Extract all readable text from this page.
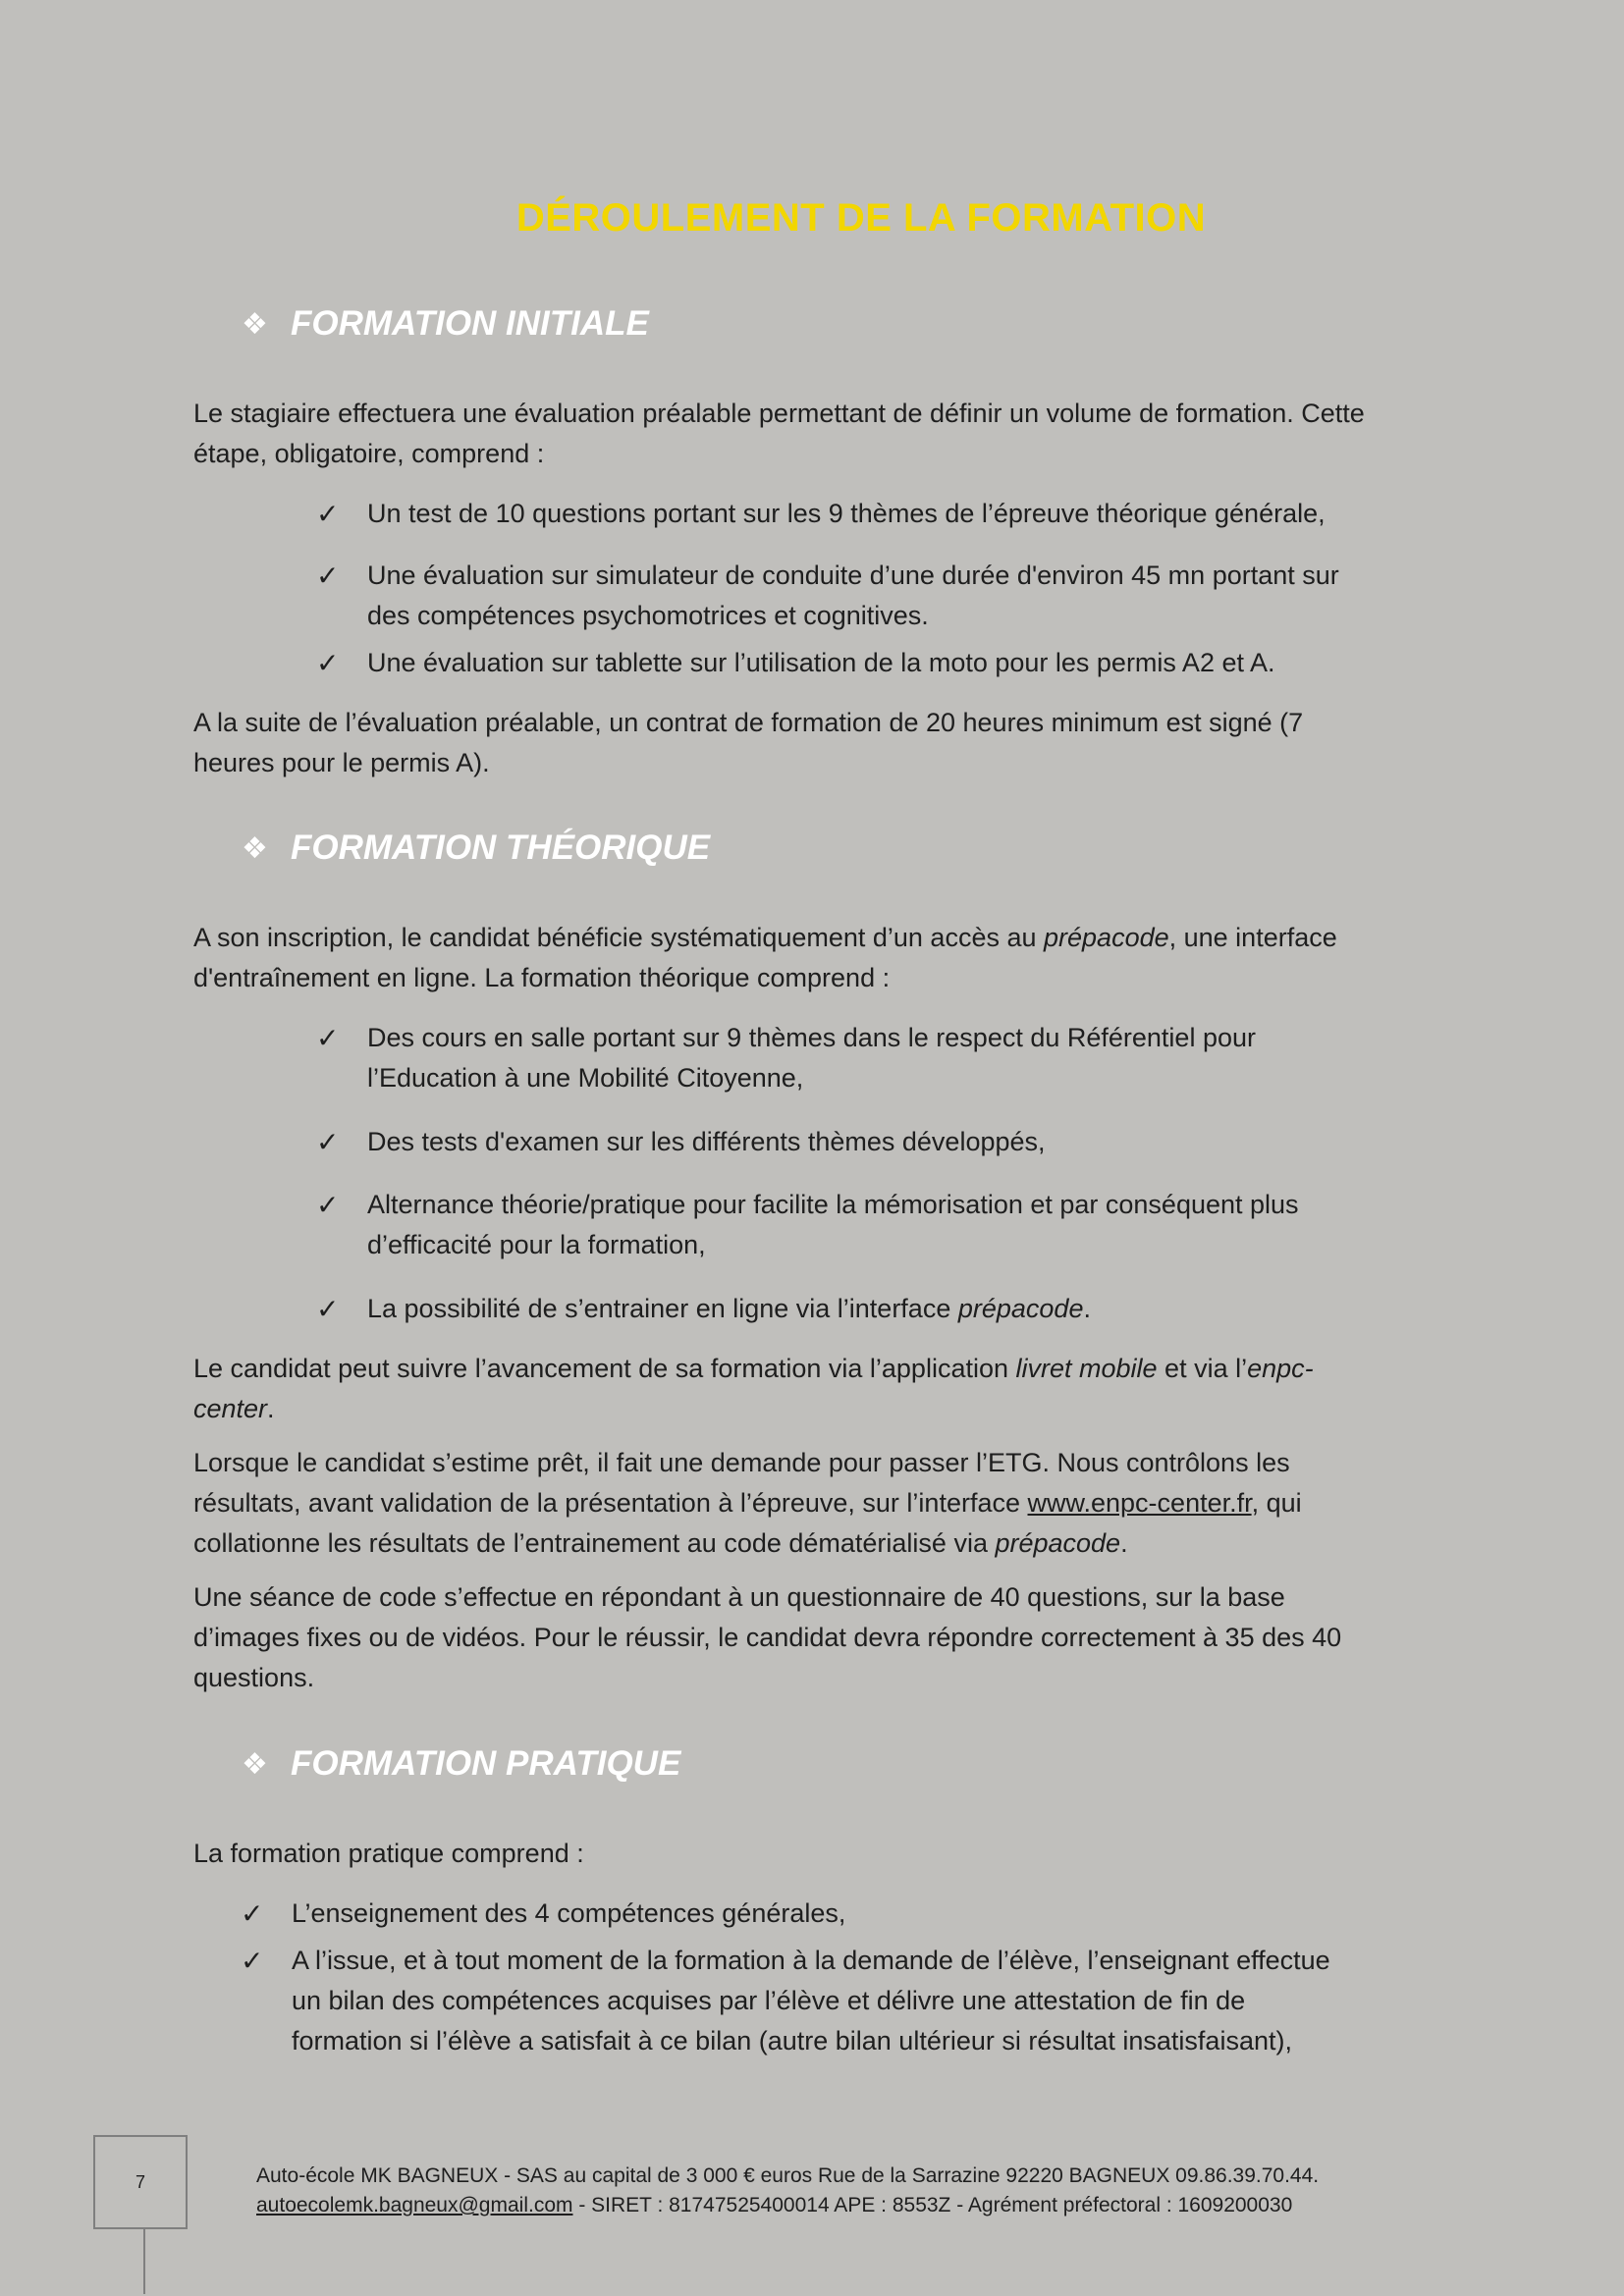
DÉROULEMENT DE LA FORMATION
❖ FORMATION INITIALE
Le stagiaire effectuera une évaluation préalable permettant de définir un volume de formation. Cette
étape, obligatoire, comprend :
✓ Un test de 10 questions portant sur les 9 thèmes de l’épreuve théorique générale,
✓ Une évaluation sur simulateur de conduite d’une durée d'environ 45 mn portant sur
des compétences psychomotrices et cognitives.
✓ Une évaluation sur tablette sur l’utilisation de la moto pour les permis A2 et A.
A la suite de l’évaluation préalable, un contrat de formation de 20 heures minimum est signé (7
heures pour le permis A).
❖ FORMATION THÉORIQUE
A son inscription, le candidat bénéficie systématiquement d’un accès au prépacode, une interface
d'entraînement en ligne. La formation théorique comprend :
✓ Des cours en salle portant sur 9 thèmes dans le respect du Référentiel pour
l’Education à une Mobilité Citoyenne,
✓ Des tests d'examen sur les différents thèmes développés,
✓ Alternance théorie/pratique pour facilite la mémorisation et par conséquent plus
d’efficacité pour la formation,
✓ La possibilité de s’entrainer en ligne via l’interface prépacode.
Le candidat peut suivre l’avancement de sa formation via l’application livret mobile et via l’enpc-
center.
Lorsque le candidat s’estime prêt, il fait une demande pour passer l’ETG. Nous contrôlons les
résultats, avant validation de la présentation à l’épreuve, sur l’interface www.enpc-center.fr, qui
collationne les résultats de l’entrainement au code dématérialisé via prépacode.
Une séance de code s’effectue en répondant à un questionnaire de 40 questions, sur la base
d’images fixes ou de vidéos. Pour le réussir, le candidat devra répondre correctement à 35 des 40
questions.
❖ FORMATION PRATIQUE
La formation pratique comprend :
✓ L’enseignement des 4 compétences générales,
✓ A l’issue, et à tout moment de la formation à la demande de l’élève, l’enseignant effectue
un bilan des compétences acquises par l’élève et délivre une attestation de fin de
formation si l’élève a satisfait à ce bilan (autre bilan ultérieur si résultat insatisfaisant),
7	Auto-école MK BAGNEUX - SAS au capital de 3 000 € euros Rue de la Sarrazine 92220 BAGNEUX 09.86.39.70.44.
autoecolemk.bagneux@gmail.com - SIRET : 81747525400014 APE : 8553Z - Agrément préfectoral : 1609200030
